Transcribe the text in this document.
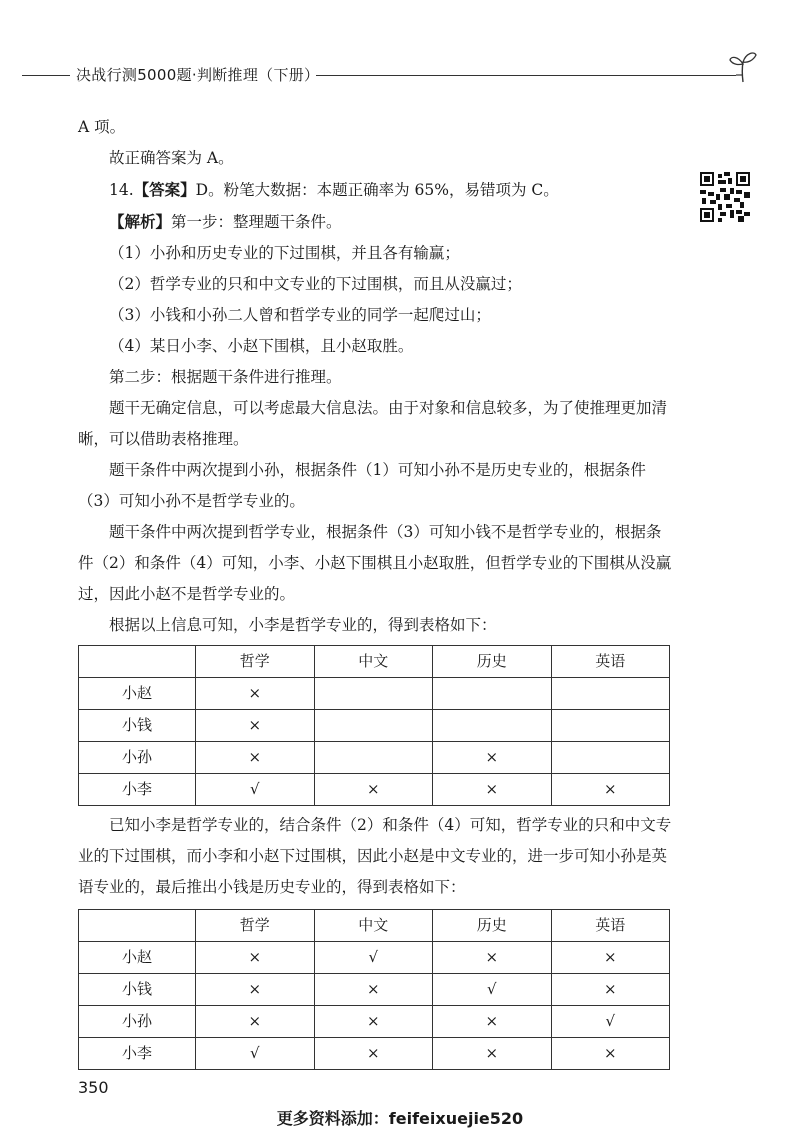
决战行测5000题·判断推理（下册）

A 项。

故正确答案为 A。

14.【答案】D。粉笔大数据：本题正确率为 65%，易错项为 C。

【解析】第一步：整理题干条件。

（1）小孙和历史专业的下过围棋，并且各有输赢；

（2）哲学专业的只和中文专业的下过围棋，而且从没赢过；

（3）小钱和小孙二人曾和哲学专业的同学一起爬过山；

（4）某日小李、小赵下围棋，且小赵取胜。

第二步：根据题干条件进行推理。

题干无确定信息，可以考虑最大信息法。由于对象和信息较多，为了使推理更加清晰，可以借助表格推理。

题干条件中两次提到小孙，根据条件（1）可知小孙不是历史专业的，根据条件（3）可知小孙不是哲学专业的。

题干条件中两次提到哲学专业，根据条件（3）可知小钱不是哲学专业的，根据条件（2）和条件（4）可知，小李、小赵下围棋且小赵取胜，但哲学专业的下围棋从没赢过，因此小赵不是哲学专业的。

根据以上信息可知，小李是哲学专业的，得到表格如下：

	哲学	中文	历史	英语
小赵	×			
小钱	×			
小孙	×		×	
小李	√	×	×	×

已知小李是哲学专业的，结合条件（2）和条件（4）可知，哲学专业的只和中文专业的下过围棋，而小李和小赵下过围棋，因此小赵是中文专业的，进一步可知小孙是英语专业的，最后推出小钱是历史专业的，得到表格如下：

	哲学	中文	历史	英语
小赵	×	√	×	×
小钱	×	×	√	×
小孙	×	×	×	√
小李	√	×	×	×
350
更多资料添加：feifeixuejie520
